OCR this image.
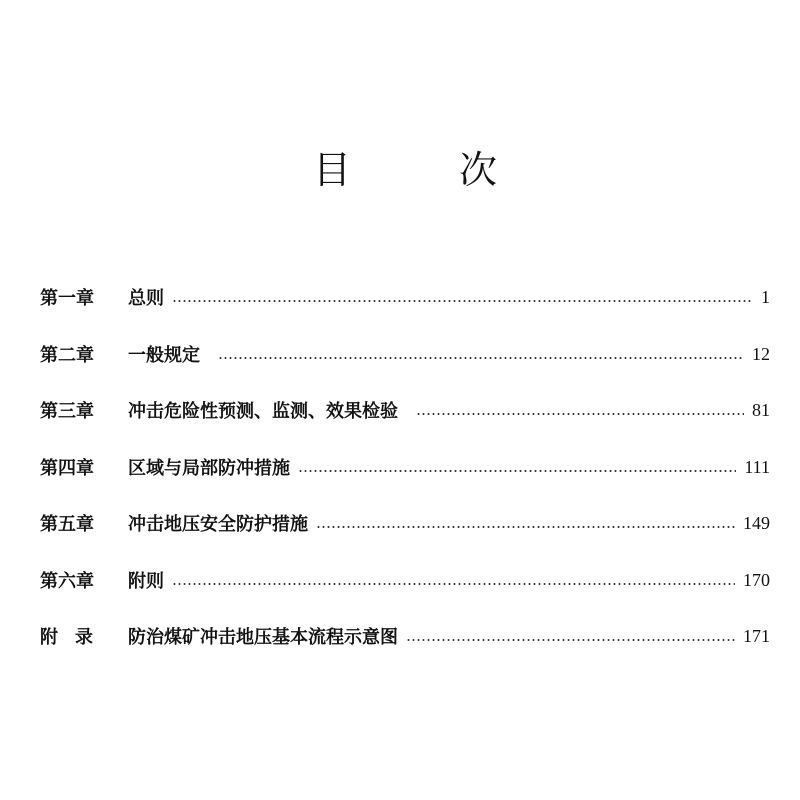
目	次
第一章	总则	1
第二章	一般规定	12
第三章	冲击危险性预测、监测、效果检验	81
第四章	区域与局部防冲措施	111
第五章	冲击地压安全防护措施	149
第六章	附则	170
附录	防治煤矿冲击地压基本流程示意图	171
